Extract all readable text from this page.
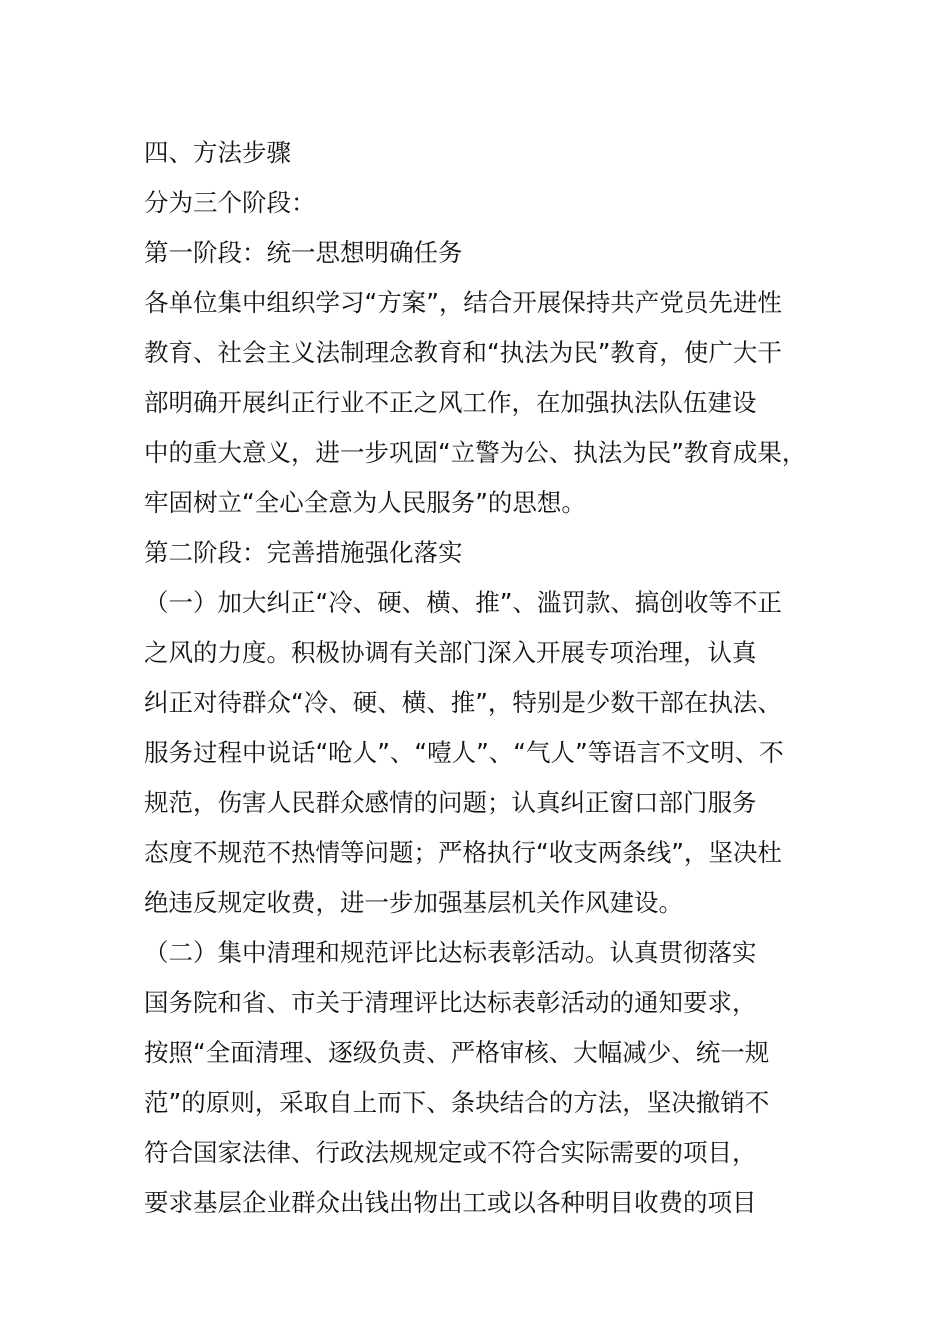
四、方法步骤

分为三个阶段：

第一阶段：统一思想明确任务

各单位集中组织学习“方案”，结合开展保持共产党员先进性

教育、社会主义法制理念教育和“执法为民”教育，使广大干

部明确开展纠正行业不正之风工作，在加强执法队伍建设

中的重大意义，进一步巩固“立警为公、执法为民”教育成果，

牢固树立“全心全意为人民服务”的思想。

第二阶段：完善措施强化落实

（一）加大纠正“冷、硬、横、推”、滥罚款、搞创收等不正

之风的力度。积极协调有关部门深入开展专项治理，认真

纠正对待群众“冷、硬、横、推”，特别是少数干部在执法、

服务过程中说话“呛人”、“噎人”、“气人”等语言不文明、不

规范，伤害人民群众感情的问题；认真纠正窗口部门服务

态度不规范不热情等问题；严格执行“收支两条线”，坚决杜

绝违反规定收费，进一步加强基层机关作风建设。

（二）集中清理和规范评比达标表彰活动。认真贯彻落实

国务院和省、市关于清理评比达标表彰活动的通知要求，

按照“全面清理、逐级负责、严格审核、大幅减少、统一规

范”的原则，采取自上而下、条块结合的方法，坚决撤销不

符合国家法律、行政法规规定或不符合实际需要的项目，

要求基层企业群众出钱出物出工或以各种明目收费的项目
